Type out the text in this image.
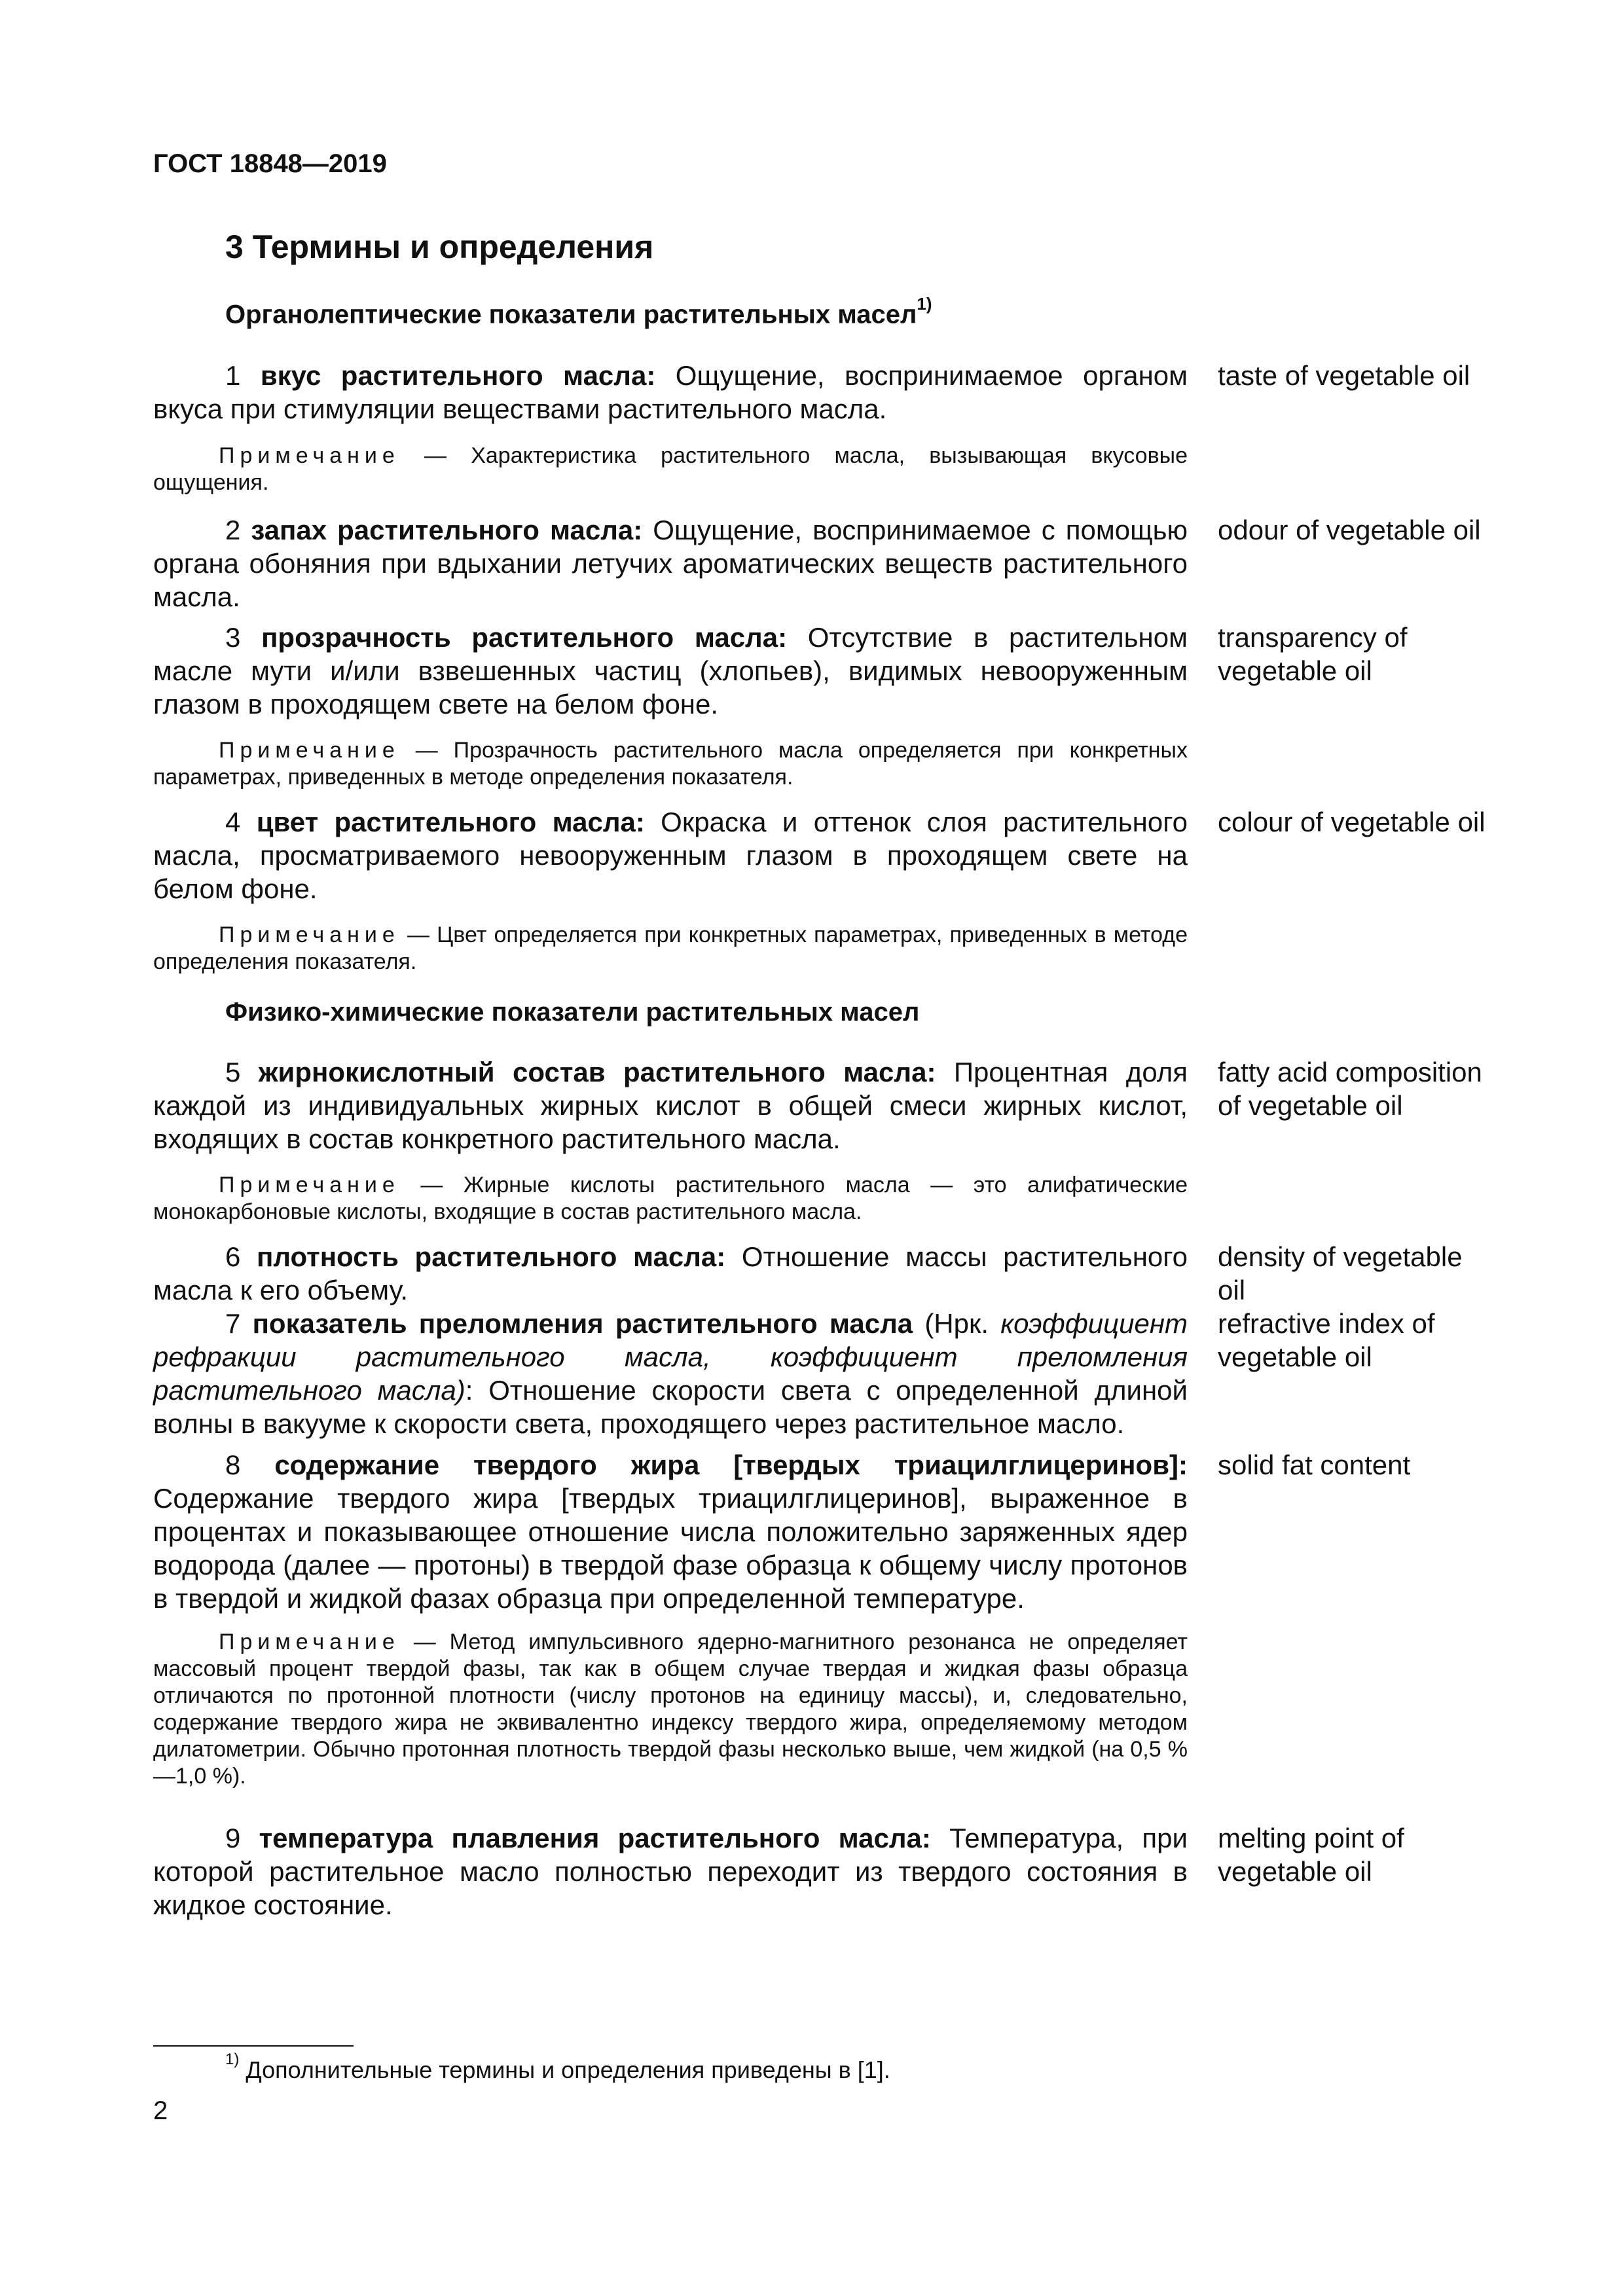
ГОСТ 18848—2019
3 Термины и определения
Органолептические показатели растительных масел$^{1)}$
1 вкус растительного масла: Ощущение, воспринимаемое органом вкуса при стимуляции веществами растительного масла.
taste of vegetable oil
Примечание — Характеристика растительного масла, вызывающая вкусовые ощущения.
2 запах растительного масла: Ощущение, воспринимаемое с помощью органа обоняния при вдыхании летучих ароматических веществ растительного масла.
odour of vegetable oil
3 прозрачность растительного масла: Отсутствие в растительном масле мути и/или взвешенных частиц (хлопьев), видимых невооруженным глазом в проходящем свете на белом фоне.
transparency of vegetable oil
Примечание — Прозрачность растительного масла определяется при конкретных параметрах, приведенных в методе определения показателя.
4 цвет растительного масла: Окраска и оттенок слоя растительного масла, просматриваемого невооруженным глазом в проходящем свете на белом фоне.
colour of vegetable oil
Примечание — Цвет определяется при конкретных параметрах, приведенных в методе определения показателя.
Физико-химические показатели растительных масел
5 жирнокислотный состав растительного масла: Процентная доля каждой из индивидуальных жирных кислот в общей смеси жирных кислот, входящих в состав конкретного растительного масла.
fatty acid composition of vegetable oil
Примечание — Жирные кислоты растительного масла — это алифатические монокарбоновые кислоты, входящие в состав растительного масла.
6 плотность растительного масла: Отношение массы растительного масла к его объему.
density of vegetable oil
7 показатель преломления растительного масла (Нрк. коэффициент рефракции растительного масла, коэффициент преломления растительного масла): Отношение скорости света с определенной длиной волны в вакууме к скорости света, проходящего через растительное масло.
refractive index of vegetable oil
8 содержание твердого жира [твердых триацилглицеринов]: Содержание твердого жира [твердых триацилглицеринов], выраженное в процентах и показывающее отношение числа положительно заряженных ядер водорода (далее — протоны) в твердой фазе образца к общему числу протонов в твердой и жидкой фазах образца при определенной температуре.
solid fat content
Примечание — Метод импульсивного ядерно-магнитного резонанса не определяет массовый процент твердой фазы, так как в общем случае твердая и жидкая фазы образца отличаются по протонной плотности (числу протонов на единицу массы), и, следовательно, содержание твердого жира не эквивалентно индексу твердого жира, определяемому методом дилатометрии. Обычно протонная плотность твердой фазы несколько выше, чем жидкой (на 0,5 %—1,0 %).
9 температура плавления растительного масла: Температура, при которой растительное масло полностью переходит из твердого состояния в жидкое состояние.
melting point of vegetable oil
$^{1)}$ Дополнительные термины и определения приведены в [1].
2
